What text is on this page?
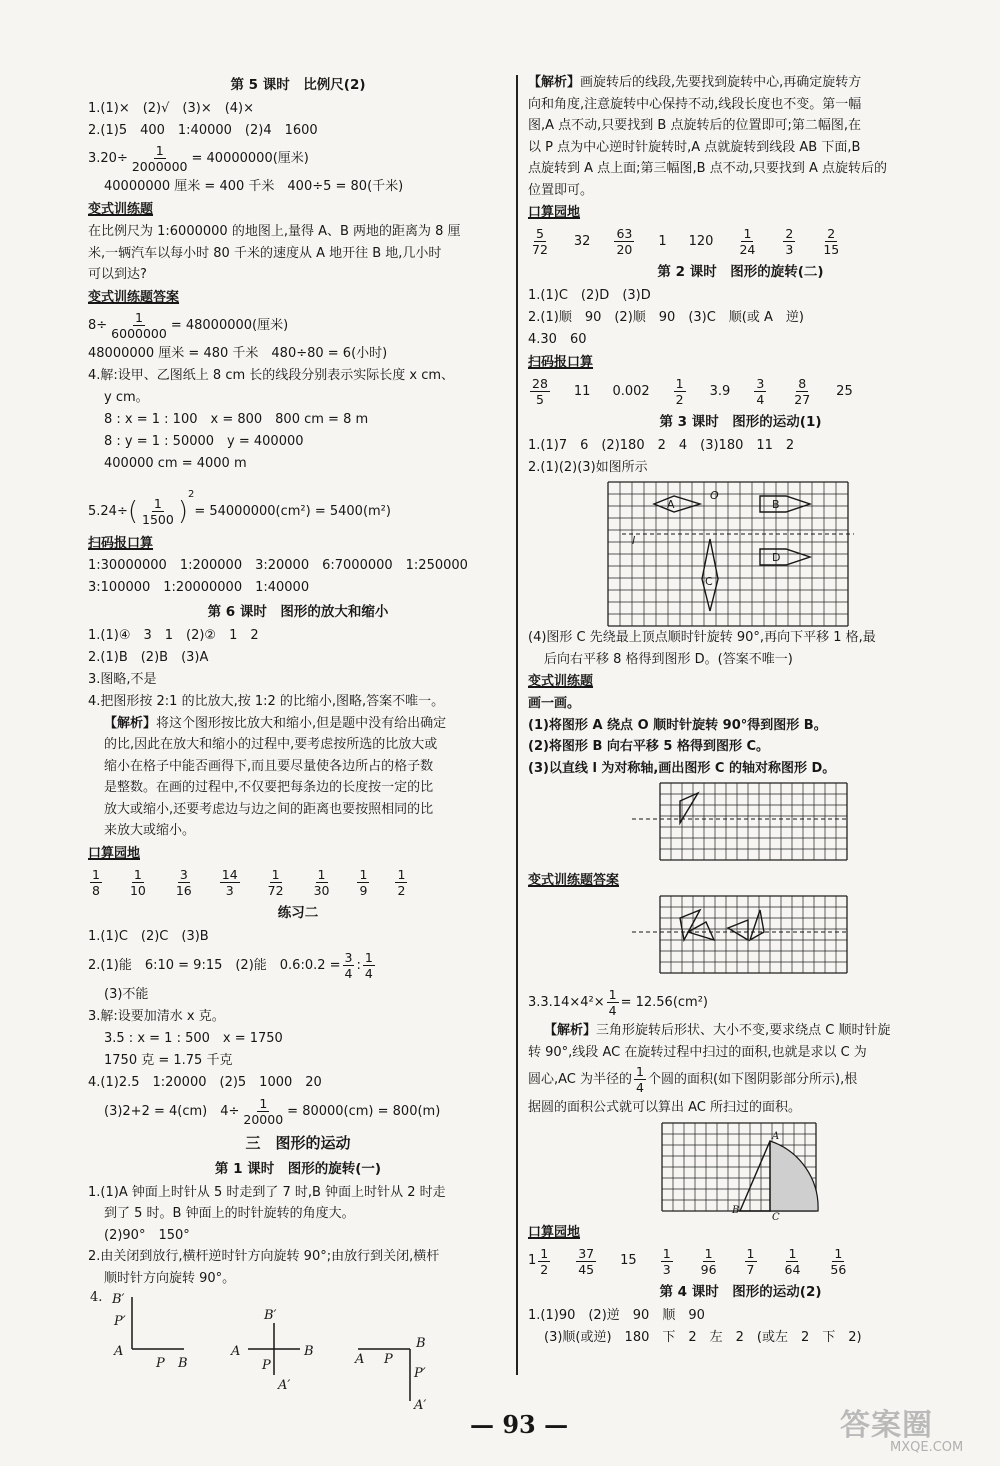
第 5 课时　比例尺(2)

1.(1)×　(2)√　(3)×　(4)×

2.(1)5　400　1:40000　(2)4　1600

$3.20\div \frac{1}{2000000} = 40000000$(厘米)

40000000 厘米 = 400 千米　400÷5 = 80(千米)

变式训练题

在比例尺为 1:6000000 的地图上,量得 A、B 两地的距离为 8 厘

米,一辆汽车以每小时 80 千米的速度从 A 地开往 B 地,几小时

可以到达?

变式训练题答案

$8\div \frac{1}{6000000} = 48000000$(厘米)

48000000 厘米 = 480 千米　480÷80 = 6(小时)

4.解:设甲、乙图纸上 8 cm 长的线段分别表示实际长度 x cm、

y cm。

8 : x = 1 : 100　x = 800　800 cm = 8 m

8 : y = 1 : 50000　y = 400000

400000 cm = 4000 m

$5.24\div( \frac{1}{1500} )^2= 54000000(cm^2) = 5400(m^2)$

扫码报口算

1:30000000　1:200000　3:20000　6:7000000　1:250000

3:100000　1:20000000　1:40000

第 6 课时　图形的放大和缩小

1.(1)④　3　1　(2)②　1　2

2.(1)B　(2)B　(3)A

3.图略,不是

4.把图形按 2:1 的比放大,按 1:2 的比缩小,图略,答案不唯一。

【解析】将这个图形按比放大和缩小,但是题中没有给出确定

的比,因此在放大和缩小的过程中,要考虑按所选的比放大或

缩小在格子中能否画得下,而且要尽量使各边所占的格子数

是整数。在画的过程中,不仅要把每条边的长度按一定的比

放大或缩小,还要考虑边与边之间的距离也要按照相同的比

来放大或缩小。

口算园地
$\frac{1}{8} \frac{1}{10} \frac{3}{16} \frac{14}{3} \frac{1}{72} \frac{1}{30} \frac{1}{9} \frac{1}{2}$

练习二

1.(1)C　(2)C　(3)B

2.(1)能　6:10 = 9:15　(2)能　0.6:0.2 = $\frac{3}{4}$ : $\frac{1}{4}$

(3)不能

3.解:设要加清水 x 克。

3.5 : x = 1 : 500　x = 1750

1750 克 = 1.75 千克

4.(1)2.5　1:20000　(2)5　1000　20

(3)2+2 = 4(cm)　$4\div \frac{1}{20000} = 80000(cm) = 800(m)$

三　图形的运动

第 1 课时　图形的旋转(一)

1.(1)A 钟面上时针从 5 时走到了 7 时,B 钟面上时针从 2 时走

到了 5 时。B 钟面上的时针旋转的角度大。

(2)90°　150°

2.由关闭到放行,横杆逆时针方向旋转 90°;由放行到关闭,横杆

顺时针方向旋转 90°。

4. B′
P′
A
P B
A	B
B′
P
A′
A P
B
P′
A′

【解析】画旋转后的线段,先要找到旋转中心,再确定旋转方

向和角度,注意旋转中心保持不动,线段长度也不变。第一幅

图,A 点不动,只要找到 B 点旋转后的位置即可;第二幅图,在

以 P 点为中心逆时针旋转时,A 点就旋转到线段 AB 下面,B

点旋转到 A 点上面;第三幅图,B 点不动,只要找到 A 点旋转后的

位置即可。

口算园地
$\frac{5}{72} 32 \frac{63}{20} 1$ $120 \frac{1}{24} \frac{2}{3} \frac{2}{15}$

第 2 课时　图形的旋转(二)

1.(1)C　(2)D　(3)D

2.(1)顺　90　(2)顺　90　(3)C　顺(或 A　逆)

4.30　60

扫码报口算
$\frac{28}{5} 11$ $0.002 \frac{1}{2} 3.9 \frac{3}{4} \frac{8}{27} 25$

第 3 课时　图形的运动(1)

1.(1)7　6　(2)180　2　4　(3)180　11　2

2.(1)(2)(3)如图所示

A	B
C
D
l
O

(4)图形 C 先绕最上顶点顺时针旋转 90°,再向下平移 1 格,最

后向右平移 8 格得到图形 D。(答案不唯一)

变式训练题

画一画。

(1)将图形 A 绕点 O 顺时针旋转 90°得到图形 B。

(2)将图形 B 向右平移 5 格得到图形 C。

(3)以直线 l 为对称轴,画出图形 C 的轴对称图形 D。

变式训练题答案

$3.3.14\times 4^2\times \frac{1}{4} = 12.56(cm^2)$

【解析】三角形旋转后形状、大小不变,要求绕点 C 顺时针旋

转 90°,线段 AC 在旋转过程中扫过的面积,也就是求以 C 为

圆心,AC 为半径的 $\frac{1}{4}$ 个圆的面积(如下图阴影部分所示),根

据圆的面积公式就可以算出 AC 所扫过的面积。

A
B
C
口算园地
$1 \frac{1}{2} \frac{37}{45} 15 \frac{1}{3} \frac{1}{96} \frac{1}{7} \frac{1}{64} \frac{1}{56}$

第 4 课时　图形的运动(2)

1.(1)90　(2)逆　90　顺　90

(3)顺(或逆)　180　下　2　左　2　(或左　2　下　2)

— 93 —	答案圈
MXQE.COM
